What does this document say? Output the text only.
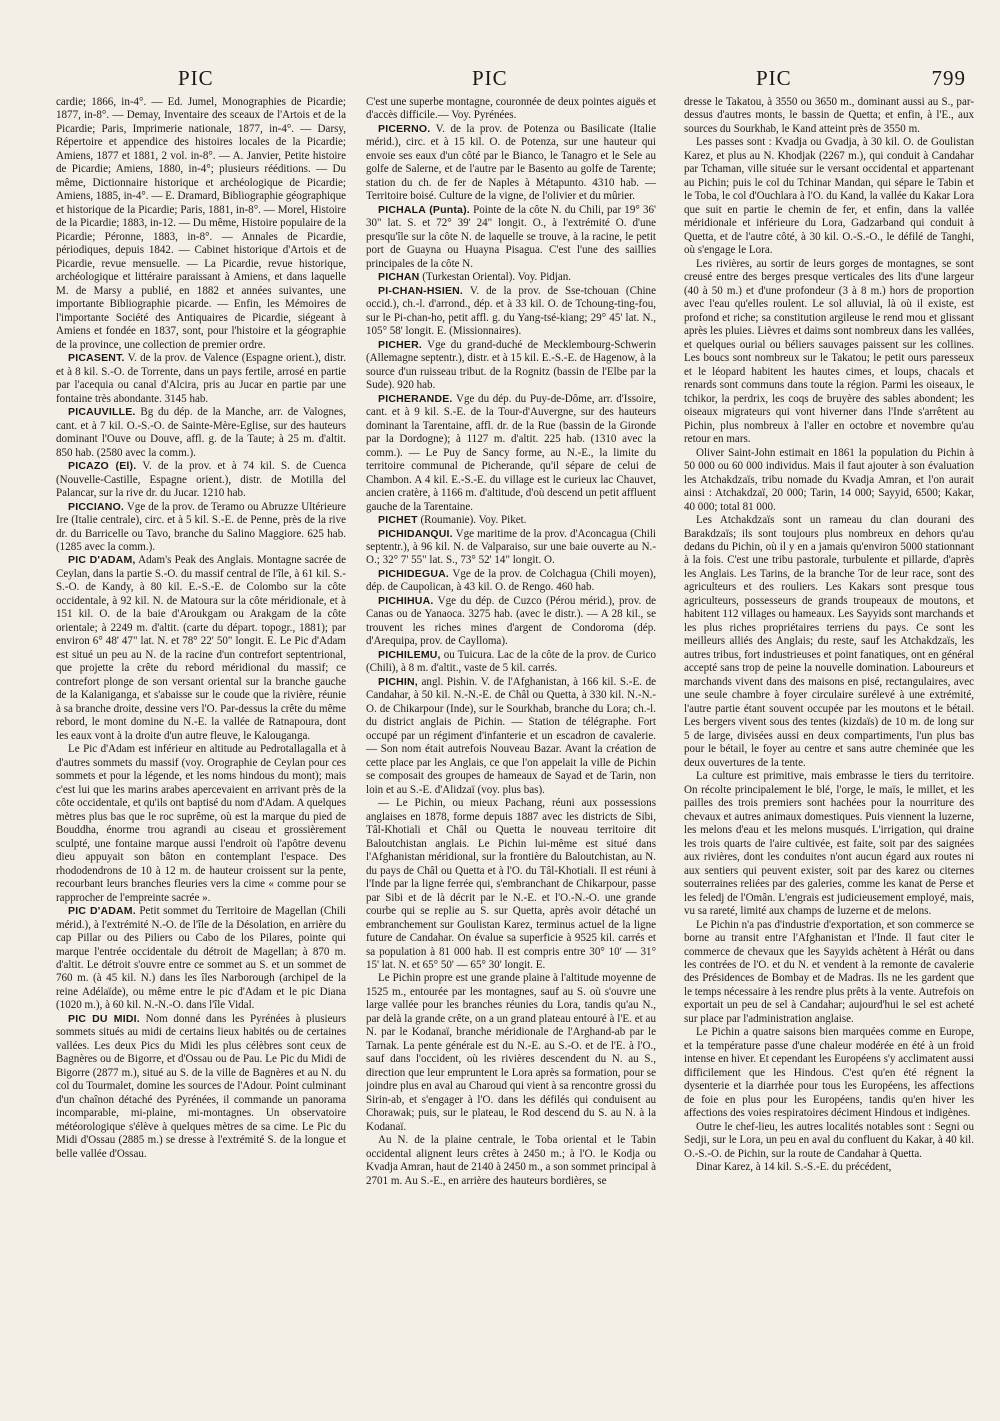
PIC	PIC	PIC	799

cardie; 1866, in-4°. — Ed. Jumel, Monographies de Picardie; 1877, in-8°. — Demay, Inventaire des sceaux de l'Artois et de la Picardie; Paris, Imprimerie nationale, 1877, in-4°. — Darsy, Répertoire et appendice des histoires locales de la Picardie; Amiens, 1877 et 1881, 2 vol. in-8°. — A. Janvier, Petite histoire de Picardie; Amiens, 1880, in-4°; plusieurs rééditions. — Du même, Dictionnaire historique et archéologique de Picardie; Amiens, 1885, in-4°. — E. Dramard, Bibliographie géographique et historique de la Picardie; Paris, 1881, in-8°. — Morel, Histoire de la Picardie; 1883, in-12. — Du même, Histoire populaire de la Picardie; Péronne, 1883, in-8°. — Annales de Picardie, périodiques, depuis 1842. — Cabinet historique d'Artois et de Picardie, revue mensuelle. — La Picardie, revue historique, archéologique et littéraire paraissant à Amiens, et dans laquelle M. de Marsy a publié, en 1882 et années suivantes, une importante Bibliographie picarde. — Enfin, les Mémoires de l'importante Société des Antiquaires de Picardie, siégeant à Amiens et fondée en 1837, sont, pour l'histoire et la géographie de la province, une collection de premier ordre.

PICASENT. V. de la prov. de Valence (Espagne orient.), distr. et à 8 kil. S.-O. de Torrente, dans un pays fertile, arrosé en partie par l'acequia ou canal d'Alcira, pris au Jucar en partie par une fontaine très abondante. 3145 hab.

PICAUVILLE. Bg du dép. de la Manche, arr. de Valognes, cant. et à 7 kil. O.-S.-O. de Sainte-Mère-Eglise, sur des hauteurs dominant l'Ouve ou Douve, affl. g. de la Taute; à 25 m. d'altit. 850 hab. (2580 avec la comm.).

PICAZO (El). V. de la prov. et à 74 kil. S. de Cuenca (Nouvelle-Castille, Espagne orient.), distr. de Motilla del Palancar, sur la rive dr. du Jucar. 1210 hab.

PICCIANO. Vge de la prov. de Teramo ou Abruzze Ultérieure Ire (Italie centrale), circ. et à 5 kil. S.-E. de Penne, près de la rive dr. du Barricelle ou Tavo, branche du Salino Maggiore. 625 hab. (1285 avec la comm.).

PIC D'ADAM, Adam's Peak des Anglais. Montagne sacrée de Ceylan, dans la partie S.-O. du massif central de l'île, à 61 kil. S.-S.-O. de Kandy, à 80 kil. E.-S.-E. de Colombo sur la côte occidentale, à 92 kil. N. de Matoura sur la côte méridionale, et à 151 kil. O. de la baie d'Aroukgam ou Arakgam de la côte orientale; à 2249 m. d'altit. (carte du départ. topogr., 1881); par environ 6° 48' 47" lat. N. et 78° 22' 50" longit. E. Le Pic d'Adam est situé un peu au N. de la racine d'un contrefort septentrional, que projette la crête du rebord méridional du massif; ce contrefort plonge de son versant oriental sur la branche gauche de la Kalaniganga, et s'abaisse sur le coude que la rivière, réunie à sa branche droite, dessine vers l'O. Par-dessus la crête du même rebord, le mont domine du N.-E. la vallée de Ratnapoura, dont les eaux vont à la droite d'un autre fleuve, le Kalouganga.

Le Pic d'Adam est inférieur en altitude au Pedrotallagalla et à d'autres sommets du massif (voy. Orographie de Ceylan pour ces sommets et pour la légende, et les noms hindous du mont); mais c'est lui que les marins arabes apercevaient en arrivant près de la côte occidentale, et qu'ils ont baptisé du nom d'Adam. A quelques mètres plus bas que le roc suprême, où est la marque du pied de Bouddha, énorme trou agrandi au ciseau et grossièrement sculpté, une fontaine marque aussi l'endroit où l'apôtre devenu dieu appuyait son bâton en contemplant l'espace. Des rhododendrons de 10 à 12 m. de hauteur croissent sur la pente, recourbant leurs branches fleuries vers la cime « comme pour se rapprocher de l'empreinte sacrée ».

PIC D'ADAM. Petit sommet du Territoire de Magellan (Chili mérid.), à l'extrémité N.-O. de l'île de la Désolation, en arrière du cap Pillar ou des Piliers ou Cabo de los Pilares, pointe qui marque l'entrée occidentale du détroit de Magellan; à 870 m. d'altit. Le détroit s'ouvre entre ce sommet au S. et un sommet de 760 m. (à 45 kil. N.) dans les îles Narborough (archipel de la reine Adélaïde), ou même entre le pic d'Adam et le pic Diana (1020 m.), à 60 kil. N.-N.-O. dans l'île Vidal.

PIC DU MIDI. Nom donné dans les Pyrénées à plusieurs sommets situés au midi de certains lieux habités ou de certaines vallées. Les deux Pics du Midi les plus célèbres sont ceux de Bagnères ou de Bigorre, et d'Ossau ou de Pau. Le Pic du Midi de Bigorre (2877 m.), situé au S. de la ville de Bagnères et au N. du col du Tourmalet, domine les sources de l'Adour. Point culminant d'un chaînon détaché des Pyrénées, il commande un panorama incomparable, mi-plaine, mi-montagnes. Un observatoire météorologique s'élève à quelques mètres de sa cime. Le Pic du Midi d'Ossau (2885 m.) se dresse à l'extrémité S. de la longue et belle vallée d'Ossau.

C'est une superbe montagne, couronnée de deux pointes aiguës et d'accès difficile.— Voy. Pyrénées.

PICERNO. V. de la prov. de Potenza ou Basilicate (Italie mérid.), circ. et à 15 kil. O. de Potenza, sur une hauteur qui envoie ses eaux d'un côté par le Bianco, le Tanagro et le Sele au golfe de Salerne, et de l'autre par le Basento au golfe de Tarente; station du ch. de fer de Naples à Métapunto. 4310 hab. — Territoire boisé. Culture de la vigne, de l'olivier et du mûrier.

PICHALA (Punta). Pointe de la côte N. du Chili, par 19° 36' 30" lat. S. et 72° 39' 24" longit. O., à l'extrémité O. d'une presqu'île sur la côte N. de laquelle se trouve, à la racine, le petit port de Guayna ou Huayna Pisagua. C'est l'une des saillies principales de la côte N.

PICHAN (Turkestan Oriental). Voy. Pidjan.

PI-CHAN-HSIEN. V. de la prov. de Sse-tchouan (Chine occid.), ch.-l. d'arrond., dép. et à 33 kil. O. de Tchoung-ting-fou, sur le Pi-chan-ho, petit affl. g. du Yang-tsé-kiang; 29° 45' lat. N., 105° 58' longit. E. (Missionnaires).

PICHER. Vge du grand-duché de Mecklembourg-Schwerin (Allemagne septentr.), distr. et à 15 kil. E.-S.-E. de Hagenow, à la source d'un ruisseau tribut. de la Rognitz (bassin de l'Elbe par la Sude). 920 hab.

PICHERANDE. Vge du dép. du Puy-de-Dôme, arr. d'Issoire, cant. et à 9 kil. S.-E. de la Tour-d'Auvergne, sur des hauteurs dominant la Tarentaine, affl. dr. de la Rue (bassin de la Gironde par la Dordogne); à 1127 m. d'altit. 225 hab. (1310 avec la comm.). — Le Puy de Sancy forme, au N.-E., la limite du territoire communal de Picherande, qu'il sépare de celui de Chambon. A 4 kil. E.-S.-E. du village est le curieux lac Chauvet, ancien cratère, à 1166 m. d'altitude, d'où descend un petit affluent gauche de la Tarentaine.

PICHET (Roumanie). Voy. Piket.

PICHIDANQUI. Vge maritime de la prov. d'Aconcagua (Chili septentr.), à 96 kil. N. de Valparaiso, sur une baie ouverte au N.-O.; 32° 7' 55" lat. S., 73° 52' 14" longit. O.

PICHIDEGUA. Vge de la prov. de Colchagua (Chili moyen), dép. de Caupolican, à 43 kil. O. de Rengo. 460 hab.

PICHIHUA. Vge du dép. de Cuzco (Pérou mérid.), prov. de Canas ou de Yanaoca. 3275 hab. (avec le distr.). — A 28 kil., se trouvent les riches mines d'argent de Condoroma (dép. d'Arequipa, prov. de Caylloma).

PICHILEMU, ou Tuicura. Lac de la côte de la prov. de Curico (Chili), à 8 m. d'altit., vaste de 5 kil. carrés.

PICHIN, angl. Pishin. V. de l'Afghanistan, à 166 kil. S.-E. de Candahar, à 50 kil. N.-N.-E. de Châl ou Quetta, à 330 kil. N.-N.-O. de Chikarpour (Inde), sur le Sourkhab, branche du Lora; ch.-l. du district anglais de Pichin. — Station de télégraphe. Fort occupé par un régiment d'infanterie et un escadron de cavalerie. — Son nom était autrefois Nouveau Bazar. Avant la création de cette place par les Anglais, ce que l'on appelait la ville de Pichin se composait des groupes de hameaux de Sayad et de Tarin, non loin et au S.-E. d'Alidzaï (voy. plus bas).

— Le Pichin, ou mieux Pachang, réuni aux possessions anglaises en 1878, forme depuis 1887 avec les districts de Sibi, Tâl-Khotiali et Châl ou Quetta le nouveau territoire dit Baloutchistan anglais. Le Pichin lui-même est situé dans l'Afghanistan méridional, sur la frontière du Baloutchistan, au N. du pays de Châl ou Quetta et à l'O. du Tâl-Khotiali. Il est réuni à l'Inde par la ligne ferrée qui, s'embranchant de Chikarpour, passe par Sibi et de là décrit par le N.-E. et l'O.-N.-O. une grande courbe qui se replie au S. sur Quetta, après avoir détaché un embranchement sur Goulistan Karez, terminus actuel de la ligne future de Candahar. On évalue sa superficie à 9525 kil. carrés et sa population à 81 000 hab. Il est compris entre 30° 10' — 31° 15' lat. N. et 65° 50' — 65° 30' longit. E.

Le Pichin propre est une grande plaine à l'altitude moyenne de 1525 m., entourée par les montagnes, sauf au S. où s'ouvre une large vallée pour les branches réunies du Lora, tandis qu'au N., par delà la grande crête, on a un grand plateau entouré à l'E. et au N. par le Kodanaï, branche méridionale de l'Arghand-ab par le Tarnak. La pente générale est du N.-E. au S.-O. et de l'E. à l'O., sauf dans l'occident, où les rivières descendent du N. au S., direction que leur empruntent le Lora après sa formation, pour se joindre plus en aval au Charoud qui vient à sa rencontre grossi du Sirin-ab, et s'engager à l'O. dans les défilés qui conduisent au Chorawak; puis, sur le plateau, le Rod descend du S. au N. à la Kodanaï.

Au N. de la plaine centrale, le Toba oriental et le Tabin occidental alignent leurs crêtes à 2450 m.; à l'O. le Kodja ou Kvadja Amran, haut de 2140 à 2450 m., a son sommet principal à 2701 m. Au S.-E., en arrière des hauteurs bordières, se

dresse le Takatou, à 3550 ou 3650 m., dominant aussi au S., par-dessus d'autres monts, le bassin de Quetta; et enfin, à l'E., aux sources du Sourkhab, le Kand atteint près de 3550 m.

Les passes sont : Kvadja ou Gvadja, à 30 kil. O. de Goulistan Karez, et plus au N. Khodjak (2267 m.), qui conduit à Candahar par Tchaman, ville située sur le versant occidental et appartenant au Pichin; puis le col du Tchinar Mandan, qui sépare le Tabin et le Toba, le col d'Ouchlara à l'O. du Kand, la vallée du Kakar Lora que suit en partie le chemin de fer, et enfin, dans la vallée méridionale et inférieure du Lora, Gadzarband qui conduit à Quetta, et de l'autre côté, à 30 kil. O.-S.-O., le défilé de Tanghi, où s'engage le Lora.

Les rivières, au sortir de leurs gorges de montagnes, se sont creusé entre des berges presque verticales des lits d'une largeur (40 à 50 m.) et d'une profondeur (3 à 8 m.) hors de proportion avec l'eau qu'elles roulent. Le sol alluvial, là où il existe, est profond et riche; sa constitution argileuse le rend mou et glissant après les pluies. Lièvres et daims sont nombreux dans les vallées, et quelques ourial ou béliers sauvages paissent sur les collines. Les boucs sont nombreux sur le Takatou; le petit ours paresseux et le léopard habitent les hautes cimes, et loups, chacals et renards sont communs dans toute la région. Parmi les oiseaux, le tchikor, la perdrix, les coqs de bruyère des sables abondent; les oiseaux migrateurs qui vont hiverner dans l'Inde s'arrêtent au Pichin, plus nombreux à l'aller en octobre et novembre qu'au retour en mars.

Oliver Saint-John estimait en 1861 la population du Pichin à 50 000 ou 60 000 individus. Mais il faut ajouter à son évaluation les Atchakdzaïs, tribu nomade du Kvadja Amran, et l'on aurait ainsi : Atchakdzaï, 20 000; Tarin, 14 000; Sayyid, 6500; Kakar, 40 000; total 81 000.

Les Atchakdzaïs sont un rameau du clan dourani des Barakdzaïs; ils sont toujours plus nombreux en dehors qu'au dedans du Pichin, où il y en a jamais qu'environ 5000 stationnant à la fois. C'est une tribu pastorale, turbulente et pillarde, d'après les Anglais. Les Tarins, de la branche Tor de leur race, sont des agriculteurs et des rouliers. Les Kakars sont presque tous agriculteurs, possesseurs de grands troupeaux de moutons, et habitent 112 villages ou hameaux. Les Sayyids sont marchands et les plus riches propriétaires terriens du pays. Ce sont les meilleurs alliés des Anglais; du reste, sauf les Atchakdzaïs, les autres tribus, fort industrieuses et point fanatiques, ont en général accepté sans trop de peine la nouvelle domination. Laboureurs et marchands vivent dans des maisons en pisé, rectangulaires, avec une seule chambre à foyer circulaire surélevé à une extrémité, l'autre partie étant souvent occupée par les moutons et le bétail. Les bergers vivent sous des tentes (kizdaïs) de 10 m. de long sur 5 de large, divisées aussi en deux compartiments, l'un plus bas pour le bétail, le foyer au centre et sans autre cheminée que les deux ouvertures de la tente.

La culture est primitive, mais embrasse le tiers du territoire. On récolte principalement le blé, l'orge, le maïs, le millet, et les pailles des trois premiers sont hachées pour la nourriture des chevaux et autres animaux domestiques. Puis viennent la luzerne, les melons d'eau et les melons musqués. L'irrigation, qui draine les trois quarts de l'aire cultivée, est faite, soit par des saignées aux rivières, dont les conduites n'ont aucun égard aux routes ni aux sentiers qui peuvent exister, soit par des karez ou citernes souterraines reliées par des galeries, comme les kanat de Perse et les feledj de l'Omân. L'engrais est judicieusement employé, mais, vu sa rareté, limité aux champs de luzerne et de melons.

Le Pichin n'a pas d'industrie d'exportation, et son commerce se borne au transit entre l'Afghanistan et l'Inde. Il faut citer le commerce de chevaux que les Sayyids achètent à Hérât ou dans les contrées de l'O. et du N. et vendent à la remonte de cavalerie des Présidences de Bombay et de Madras. Ils ne les gardent que le temps nécessaire à les rendre plus prêts à la vente. Autrefois on exportait un peu de sel à Candahar; aujourd'hui le sel est acheté sur place par l'administration anglaise.

Le Pichin a quatre saisons bien marquées comme en Europe, et la température passe d'une chaleur modérée en été à un froid intense en hiver. Et cependant les Européens s'y acclimatent aussi difficilement que les Hindous. C'est qu'en été régnent la dysenterie et la diarrhée pour tous les Européens, les affections de foie en plus pour les Européens, tandis qu'en hiver les affections des voies respiratoires déciment Hindous et indigènes.

Outre le chef-lieu, les autres localités notables sont : Segni ou Sedji, sur le Lora, un peu en aval du confluent du Kakar, à 40 kil. O.-S.-O. de Pichin, sur la route de Candahar à Quetta.

Dinar Karez, à 14 kil. S.-S.-E. du précédent,
